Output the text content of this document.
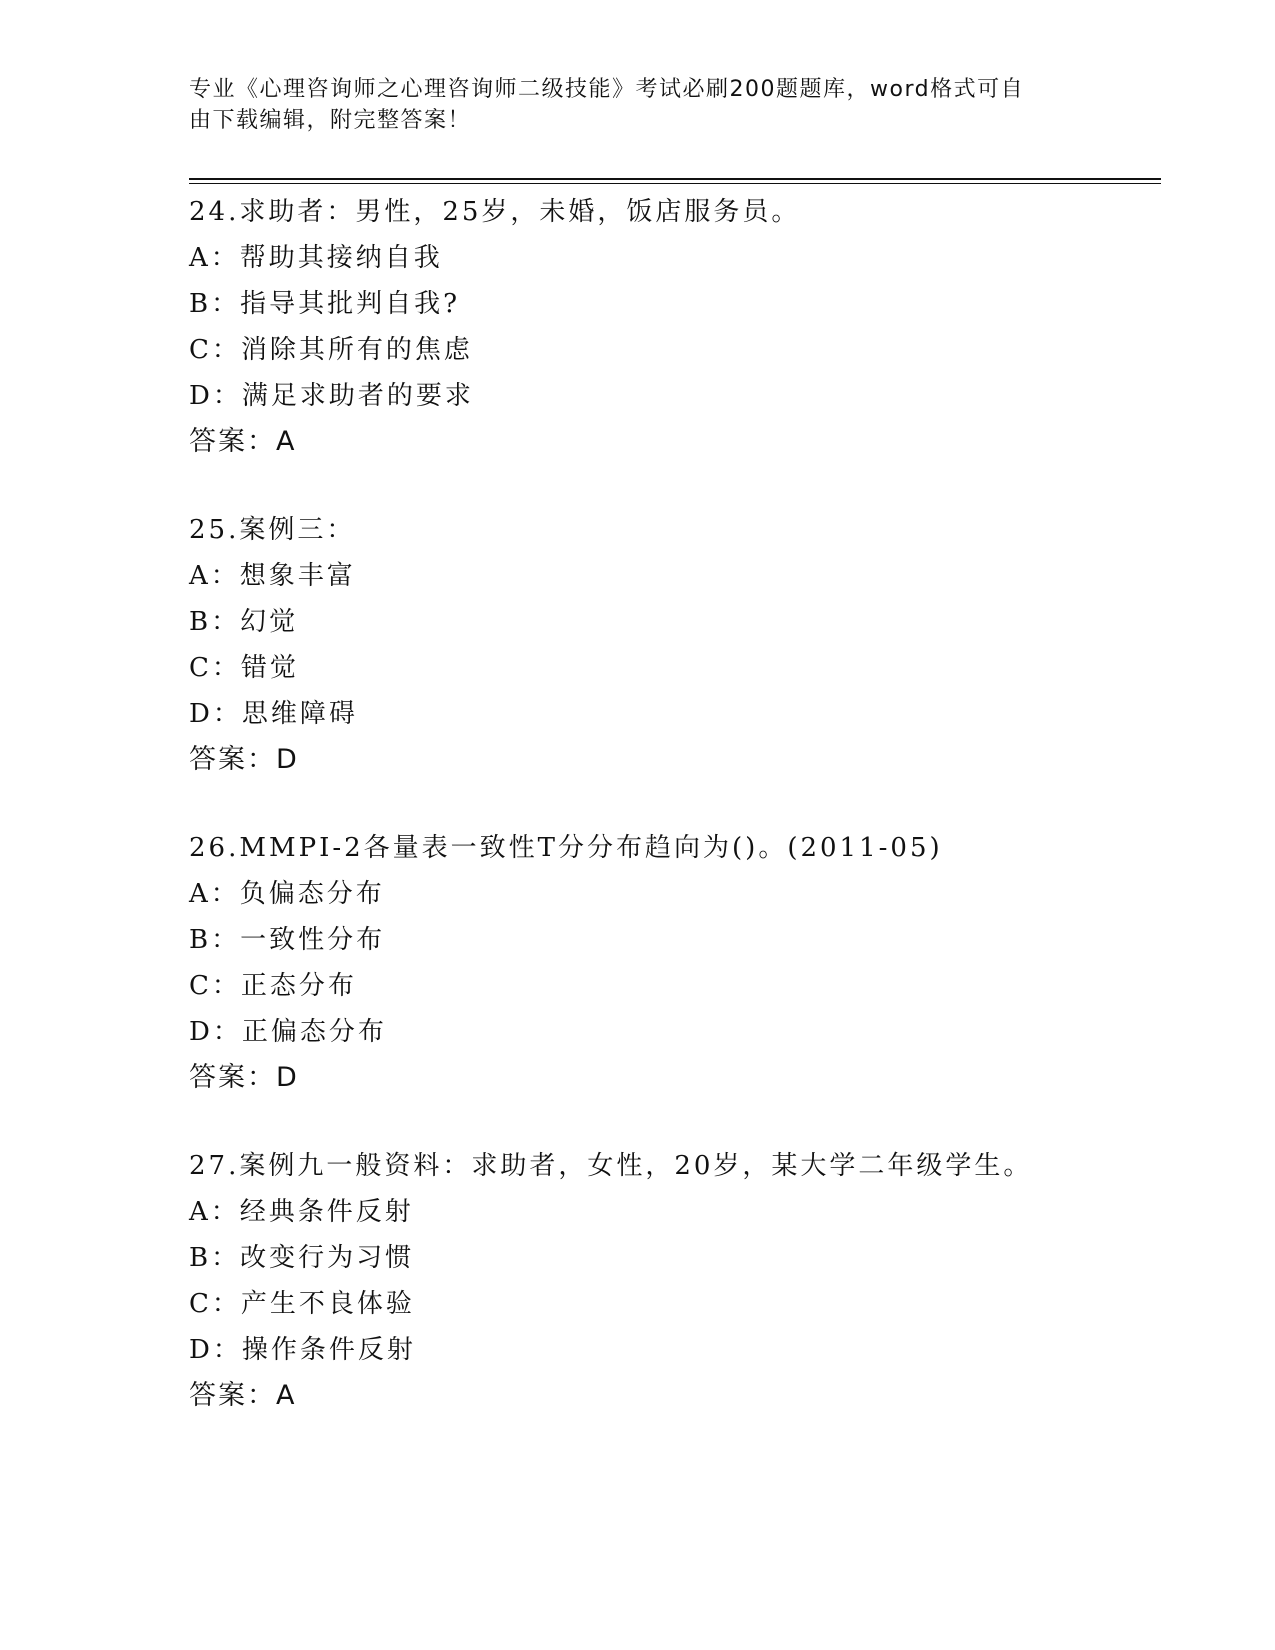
专业《心理咨询师之心理咨询师二级技能》考试必刷200题题库，word格式可自
由下载编辑，附完整答案！
24.求助者：男性，25岁，未婚，饭店服务员。
A：帮助其接纳自我
B：指导其批判自我?
C：消除其所有的焦虑
D：满足求助者的要求
答案：A
25.案例三：
A：想象丰富
B：幻觉
C：错觉
D：思维障碍
答案：D
26.MMPI-2各量表一致性T分分布趋向为()。(2011-05)
A：负偏态分布
B：一致性分布
C：正态分布
D：正偏态分布
答案：D
27.案例九一般资料：求助者，女性，20岁，某大学二年级学生。
A：经典条件反射
B：改变行为习惯
C：产生不良体验
D：操作条件反射
答案：A
